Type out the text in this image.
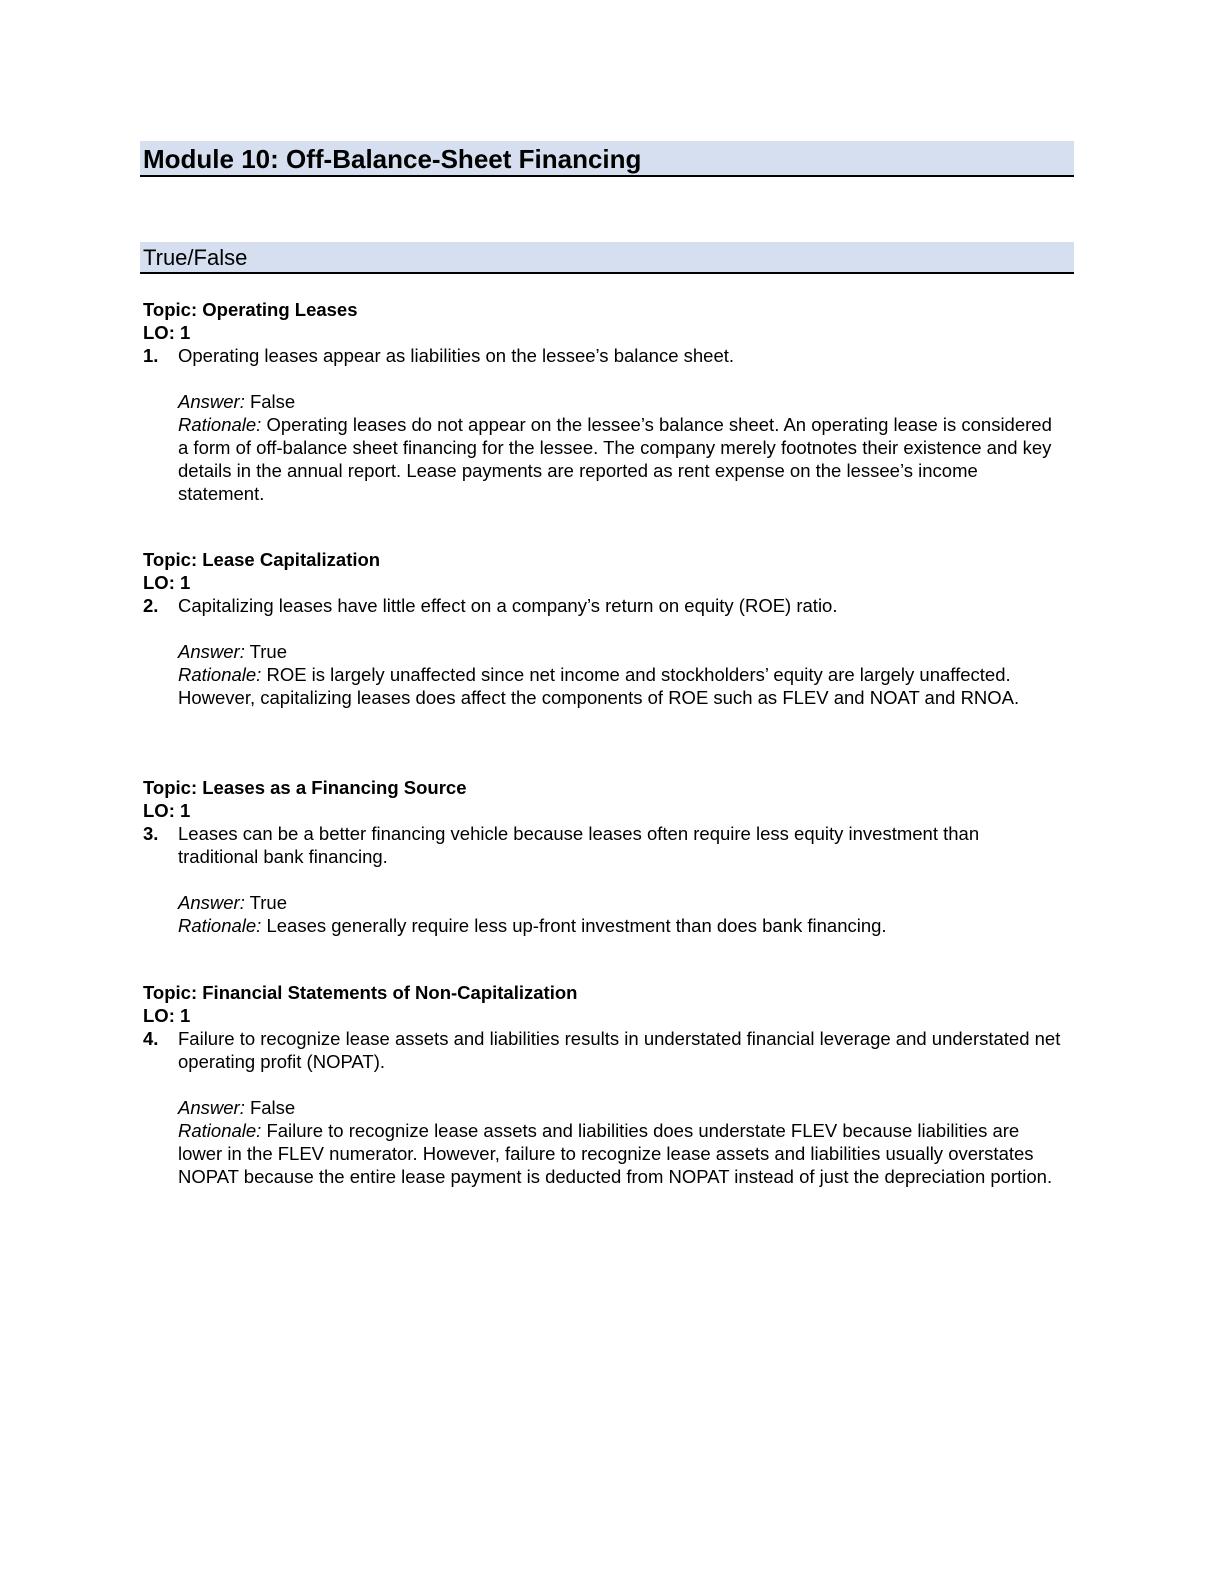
Module 10: Off-Balance-Sheet Financing
True/False
Topic: Operating Leases
LO: 1
1. Operating leases appear as liabilities on the lessee’s balance sheet.
Answer: False
Rationale: Operating leases do not appear on the lessee’s balance sheet. An operating lease is considered a form of off-balance sheet financing for the lessee. The company merely footnotes their existence and key details in the annual report. Lease payments are reported as rent expense on the lessee’s income statement.
Topic: Lease Capitalization
LO: 1
2. Capitalizing leases have little effect on a company’s return on equity (ROE) ratio.
Answer: True
Rationale: ROE is largely unaffected since net income and stockholders’ equity are largely unaffected. However, capitalizing leases does affect the components of ROE such as FLEV and NOAT and RNOA.
Topic: Leases as a Financing Source
LO: 1
3. Leases can be a better financing vehicle because leases often require less equity investment than traditional bank financing.
Answer: True
Rationale: Leases generally require less up-front investment than does bank financing.
Topic: Financial Statements of Non-Capitalization
LO: 1
4. Failure to recognize lease assets and liabilities results in understated financial leverage and understated net operating profit (NOPAT).
Answer: False
Rationale: Failure to recognize lease assets and liabilities does understate FLEV because liabilities are lower in the FLEV numerator. However, failure to recognize lease assets and liabilities usually overstates NOPAT because the entire lease payment is deducted from NOPAT instead of just the depreciation portion.
